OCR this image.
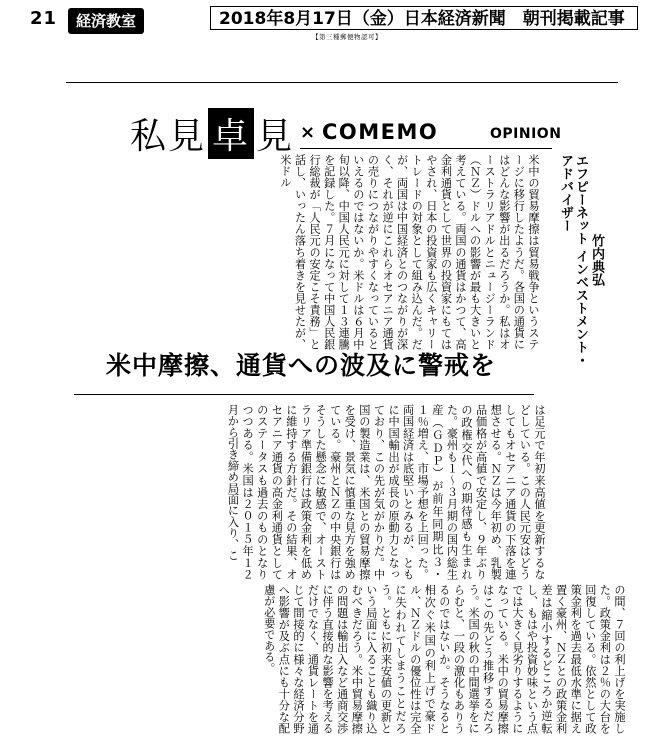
21	経済教室	2018年8月17日（金）日本経済新聞　朝刊掲載記事
【第三種郵便物認可】
私見 卓 見 × COMEMO	OPINION
エフピーネット インベストメント・
アドバイザー
竹内典弘
米中の貿易摩擦は貿易戦争というステージに移行したようだ。各国の通貨にはどんな影響が出るだろうか。私はオーストラリアドルとニュージーランド（ＮＺ）ドルへの影響が最も大きいと考えている。両国の通貨はかつて、高金利通貨として世界の投資家にもてはやされ、日本の投資家も広くキャリートレードの対象として組み込んだ。だが、両国は中国経済とのつながりが深く、それが逆にこれらオセアニア通貨の売りにつながりやすくなっているといえるのではないか。米ドルは６月中旬以降、中国人民元に対して１３連騰を記録した。７月になって中国人民銀行総裁が「人民元の安定こそ責務」と話し、いったん落ち着きを見せたが、米ドル
米中摩擦、通貨への波及に警戒を
は足元で年初来高値を更新するなどしている。この人民元安はどうしてもオセアニア通貨の下落を連想させる。ＮＺは今年初め、乳製品価格が高値で安定し、９年ぶりの政権交代への期待感も生まれた。豪州も１〜３月期の国内総生産（ＧＤＰ）が前年同期比３・１％増え、市場予想を上回った。両国経済は底堅いとみるが、ともに中国輸出が成長の原動力となっており、この先が気がかりだ。中国の製造業は、米国との貿易摩擦を受け、景気に慎重な見方を強めている。豪州とＮＺの中央銀行はそうした懸念に敏感で、オーストラリア準備銀行は政策金利を低めに維持する方針だ。その結果、オセアニア通貨の高金利通貨としてのステータスも過去のものとなりつつある。米国は２０１５年１２月から引き締め局面に入り、こ
の間、７回の利上げを実施した。政策金利は２％の大台を回復している。依然として政策金利を過去最低水準に据え置く豪州、ＮＺとの政策金利差は縮小するどころか逆転し、もはや投資妙味という点では大きく見劣りするようになっている。米中の貿易摩擦はこの先どう推移するだろう。米国の秋の中間選挙をにらむと、一段の激化もありうるのではないか。そうなると相次ぐ米国の利上げで豪ドル、ＮＺドルの優位性は完全に失われてしまうことだろう。ともに初来安値の更新という局面に入ることも織り込むべきだろう。米中貿易摩擦の問題は輸出入など通商交渉に伴う直接的な影響を考えるだけでなく、通貨レートを通じて間接的に様々な経済分野へ影響が及ぶ点にも十分な配慮が必要である。
